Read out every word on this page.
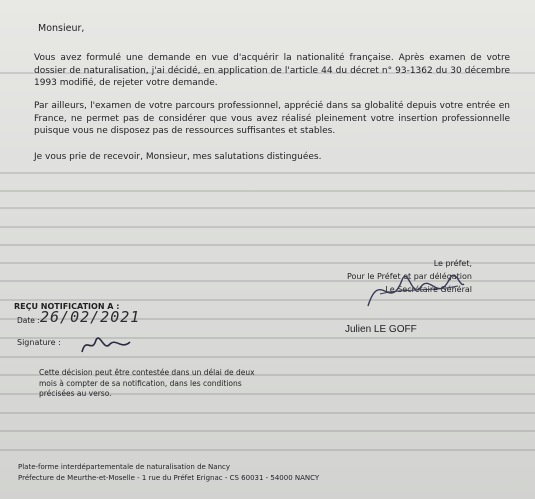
Monsieur,
Vous avez formulé une demande en vue d'acquérir la nationalité française. Après examen de votre dossier de naturalisation, j'ai décidé, en application de l'article 44 du décret n° 93-1362 du 30 décembre 1993 modifié, de rejeter votre demande.
Par ailleurs, l'examen de votre parcours professionnel, apprécié dans sa globalité depuis votre entrée en France, ne permet pas de considérer que vous avez réalisé pleinement votre insertion professionnelle puisque vous ne disposez pas de ressources suffisantes et stables.
Je vous prie de recevoir, Monsieur, mes salutations distinguées.
Le préfet,
Pour le Préfet et par délégation
Le Secrétaire Général
Julien LE GOFF
REÇU NOTIFICATION A :
Date : 26/02/2021
Signature :
Cette décision peut être contestée dans un délai de deux mois à compter de sa notification, dans les conditions précisées au verso.
Plate-forme interdépartementale de naturalisation de Nancy
Préfecture de Meurthe-et-Moselle - 1 rue du Préfet Erignac - CS 60031 - 54000 NANCY
